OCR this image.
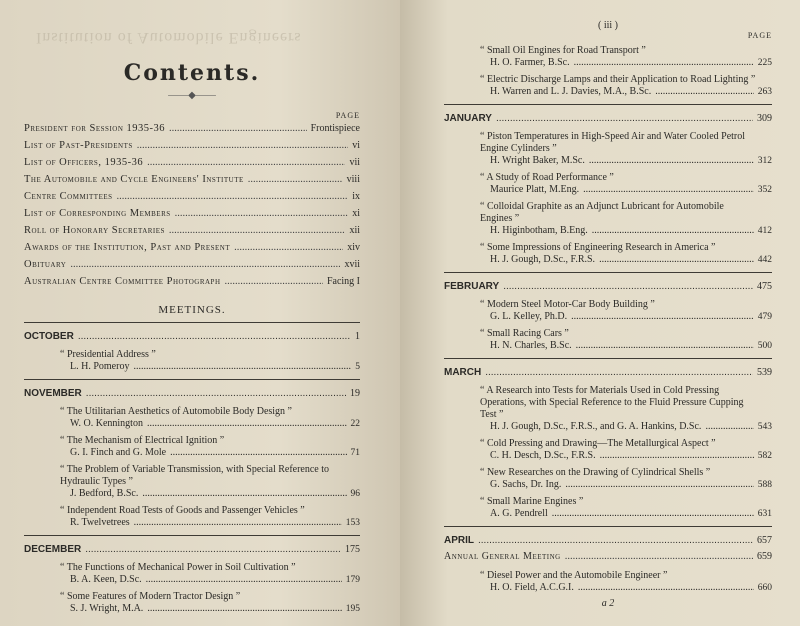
Institution of Automobile Engineers
Contents.
——◆——
PAGE
President for Session 1935-36 .....	Frontispiece
List of Past-Presidents .....	vi
List of Officers, 1935-36 .....	vii
The Automobile and Cycle Engineers' Institute .....	viii
Centre Committees .....	ix
List of Corresponding Members .....	xi
Roll of Honorary Secretaries .....	xii
Awards of the Institution, Past and Present .....	xiv
Obituary .....	xvii
Australian Centre Committee Photograph .....	Facing I
MEETINGS.
OCTOBER .....	1
“ Presidential Address ”
L. H. Pomeroy .....	5
NOVEMBER .....	19
“ The Utilitarian Aesthetics of Automobile Body Design ”
W. O. Kennington .....	22
“ The Mechanism of Electrical Ignition ”
G. I. Finch and G. Mole .....	71
“ The Problem of Variable Transmission, with Special Reference to Hydraulic Types ”
J. Bedford, B.Sc. .....	96
“ Independent Road Tests of Goods and Passenger Vehicles ”
R. Twelvetrees .....	153
DECEMBER .....	175
“ The Functions of Mechanical Power in Soil Cultivation ”
B. A. Keen, D.Sc. .....	179
“ Some Features of Modern Tractor Design ”
S. J. Wright, M.A. .....	195
( iii )
PAGE
“ Small Oil Engines for Road Transport ”
H. O. Farmer, B.Sc. .....	225
“ Electric Discharge Lamps and their Application to Road Lighting ”
H. Warren and L. J. Davies, M.A., B.Sc. .....	263
JANUARY .....	309
“ Piston Temperatures in High-Speed Air and Water Cooled Petrol Engine Cylinders ”
H. Wright Baker, M.Sc. .....	312
“ A Study of Road Performance ”
Maurice Platt, M.Eng. .....	352
“ Colloidal Graphite as an Adjunct Lubricant for Automobile Engines ”
H. Higinbotham, B.Eng. .....	412
“ Some Impressions of Engineering Research in America ”
H. J. Gough, D.Sc., F.R.S. .....	442
FEBRUARY .....	475
“ Modern Steel Motor-Car Body Building ”
G. L. Kelley, Ph.D. .....	479
“ Small Racing Cars ”
H. N. Charles, B.Sc. .....	500
MARCH .....	539
“ A Research into Tests for Materials Used in Cold Pressing Operations, with Special Reference to the Fluid Pressure Cupping Test ”
H. J. Gough, D.Sc., F.R.S., and G. A. Hankins, D.Sc. .....	543
“ Cold Pressing and Drawing—The Metallurgical Aspect ”
C. H. Desch, D.Sc., F.R.S. .....	582
“ New Researches on the Drawing of Cylindrical Shells ”
G. Sachs, Dr. Ing. .....	588
“ Small Marine Engines ”
A. G. Pendrell .....	631
APRIL .....	657
Annual General Meeting .....	659
“ Diesel Power and the Automobile Engineer ”
H. O. Field, A.C.G.I. .....	660
a 2
